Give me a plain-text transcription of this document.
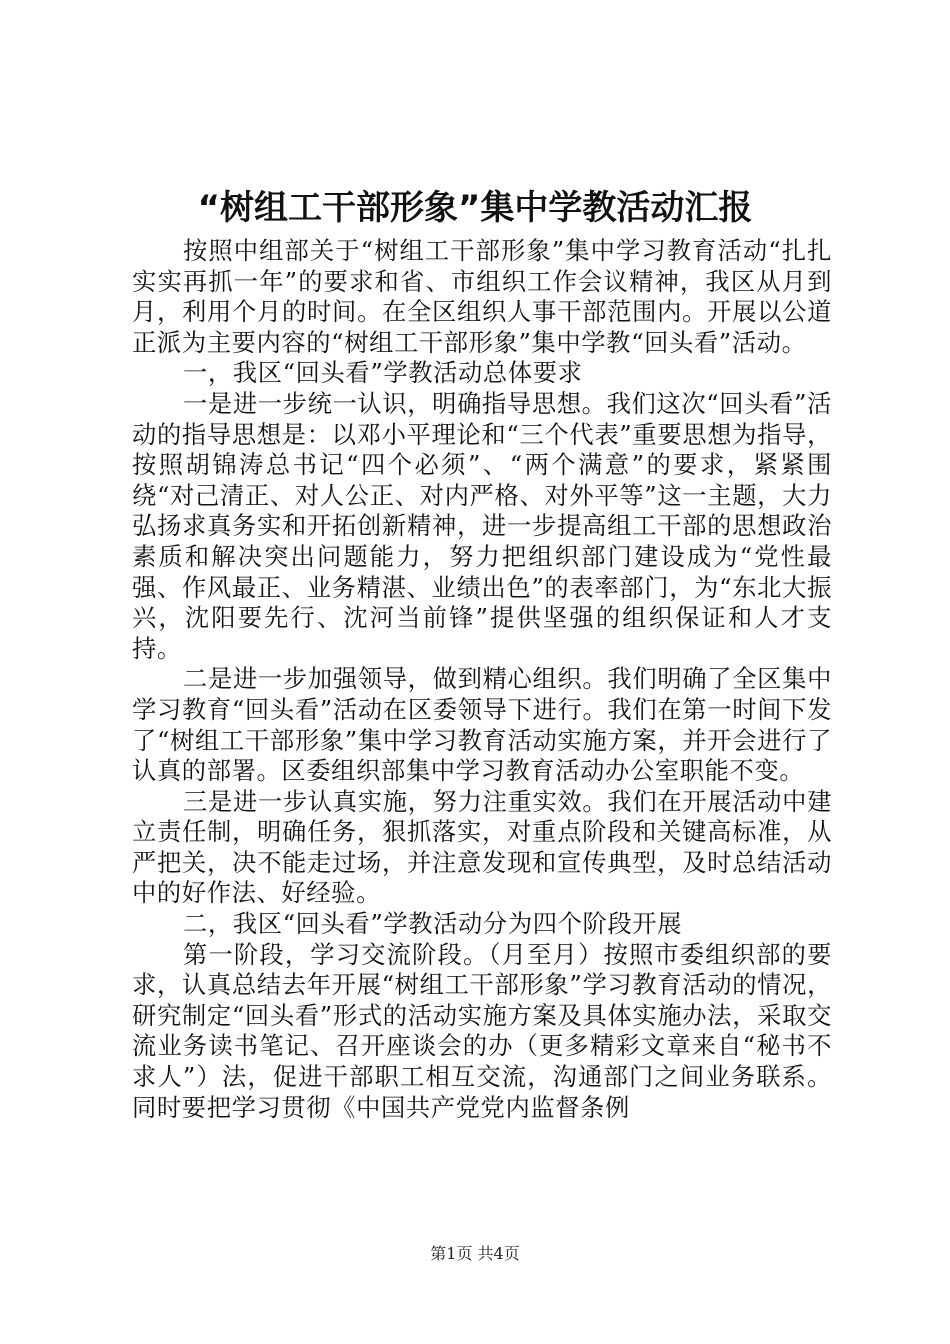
“树组工干部形象”集中学教活动汇报

按照中组部关于“树组工干部形象”集中学习教育活动“扎扎实实再抓一年”的要求和省、市组织工作会议精神，我区从月到月，利用个月的时间。在全区组织人事干部范围内。开展以公道正派为主要内容的“树组工干部形象”集中学教“回头看”活动。

一，我区“回头看”学教活动总体要求

一是进一步统一认识，明确指导思想。我们这次“回头看”活动的指导思想是：以邓小平理论和“三个代表”重要思想为指导，按照胡锦涛总书记“四个必须”、“两个满意”的要求，紧紧围绕“对己清正、对人公正、对内严格、对外平等”这一主题，大力弘扬求真务实和开拓创新精神，进一步提高组工干部的思想政治素质和解决突出问题能力，努力把组织部门建设成为“党性最强、作风最正、业务精湛、业绩出色”的表率部门，为“东北大振兴，沈阳要先行、沈河当前锋”提供坚强的组织保证和人才支持。

二是进一步加强领导，做到精心组织。我们明确了全区集中学习教育“回头看”活动在区委领导下进行。我们在第一时间下发了“树组工干部形象”集中学习教育活动实施方案，并开会进行了认真的部署。区委组织部集中学习教育活动办公室职能不变。

三是进一步认真实施，努力注重实效。我们在开展活动中建立责任制，明确任务，狠抓落实，对重点阶段和关键高标准，从严把关，决不能走过场，并注意发现和宣传典型，及时总结活动中的好作法、好经验。

二，我区“回头看”学教活动分为四个阶段开展

第一阶段，学习交流阶段。（月至月）按照市委组织部的要求，认真总结去年开展“树组工干部形象”学习教育活动的情况，研究制定“回头看”形式的活动实施方案及具体实施办法，采取交流业务读书笔记、召开座谈会的办（更多精彩文章来自“秘书不求人”）法，促进干部职工相互交流，沟通部门之间业务联系。同时要把学习贯彻《中国共产党党内监督条例

第1页 共4页
